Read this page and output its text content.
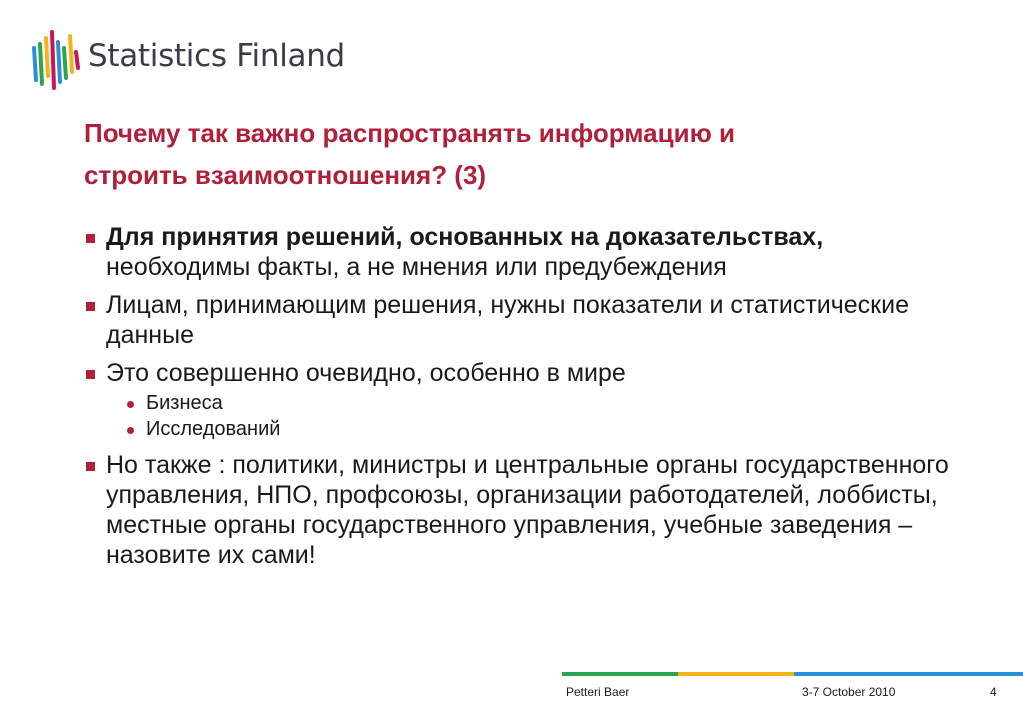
Statistics Finland
Почему так важно распространять информацию и
строить взаимоотношения? (3)
Для принятия решений, основанных на доказательствах, необходимы факты, а не мнения или предубеждения
Лицам, принимающим решения, нужны показатели и статистические данные
Это совершенно очевидно, особенно в мире
Бизнеса
Исследований
Но также : политики, министры и центральные органы государственного управления, НПО, профсоюзы, организации работодателей, лоббисты, местные органы государственного управления, учебные заведения – назовите их сами!
Petteri Baer	3-7 October 2010	4
